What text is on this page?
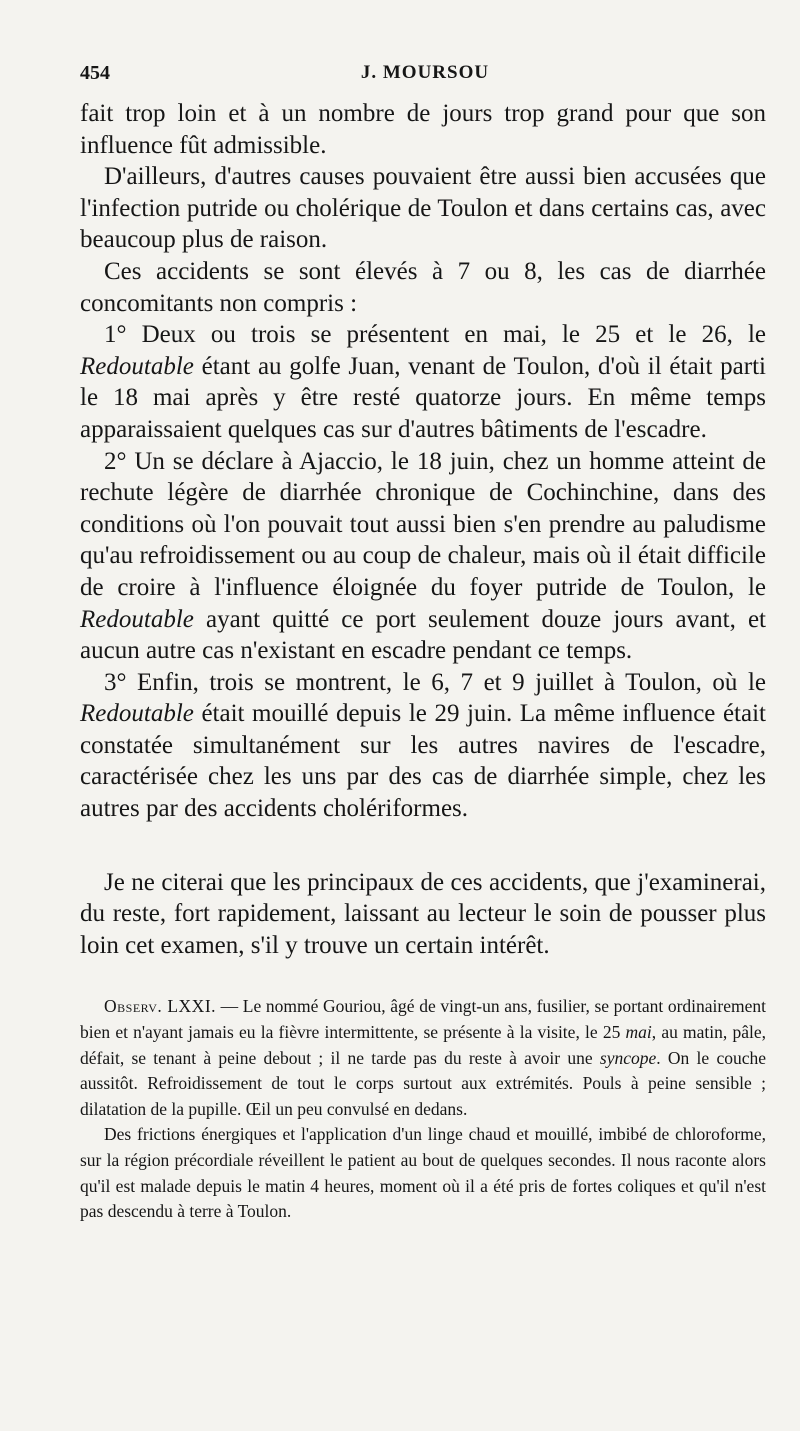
454	J. MOURSOU

fait trop loin et à un nombre de jours trop grand pour que son influence fût admissible.

D'ailleurs, d'autres causes pouvaient être aussi bien accusées que l'infection putride ou cholérique de Toulon et dans certains cas, avec beaucoup plus de raison.

Ces accidents se sont élevés à 7 ou 8, les cas de diarrhée concomitants non compris :

1° Deux ou trois se présentent en mai, le 25 et le 26, le Redoutable étant au golfe Juan, venant de Toulon, d'où il était parti le 18 mai après y être resté quatorze jours. En même temps apparaissaient quelques cas sur d'autres bâtiments de l'escadre.

2° Un se déclare à Ajaccio, le 18 juin, chez un homme atteint de rechute légère de diarrhée chronique de Cochinchine, dans des conditions où l'on pouvait tout aussi bien s'en prendre au paludisme qu'au refroidissement ou au coup de chaleur, mais où il était difficile de croire à l'influence éloignée du foyer putride de Toulon, le Redoutable ayant quitté ce port seulement douze jours avant, et aucun autre cas n'existant en escadre pendant ce temps.

3° Enfin, trois se montrent, le 6, 7 et 9 juillet à Toulon, où le Redoutable était mouillé depuis le 29 juin. La même influence était constatée simultanément sur les autres navires de l'escadre, caractérisée chez les uns par des cas de diarrhée simple, chez les autres par des accidents cholériformes.

Je ne citerai que les principaux de ces accidents, que j'examinerai, du reste, fort rapidement, laissant au lecteur le soin de pousser plus loin cet examen, s'il y trouve un certain intérêt.

Observ. LXXI. — Le nommé Gouriou, âgé de vingt-un ans, fusilier, se portant ordinairement bien et n'ayant jamais eu la fièvre intermittente, se présente à la visite, le 25 mai, au matin, pâle, défait, se tenant à peine debout ; il ne tarde pas du reste à avoir une syncope. On le couche aussitôt. Refroidissement de tout le corps surtout aux extrémités. Pouls à peine sensible ; dilatation de la pupille. Œil un peu convulsé en dedans.

Des frictions énergiques et l'application d'un linge chaud et mouillé, imbibé de chloroforme, sur la région précordiale réveillent le patient au bout de quelques secondes. Il nous raconte alors qu'il est malade depuis le matin 4 heures, moment où il a été pris de fortes coliques et qu'il n'est pas descendu à terre à Toulon.
